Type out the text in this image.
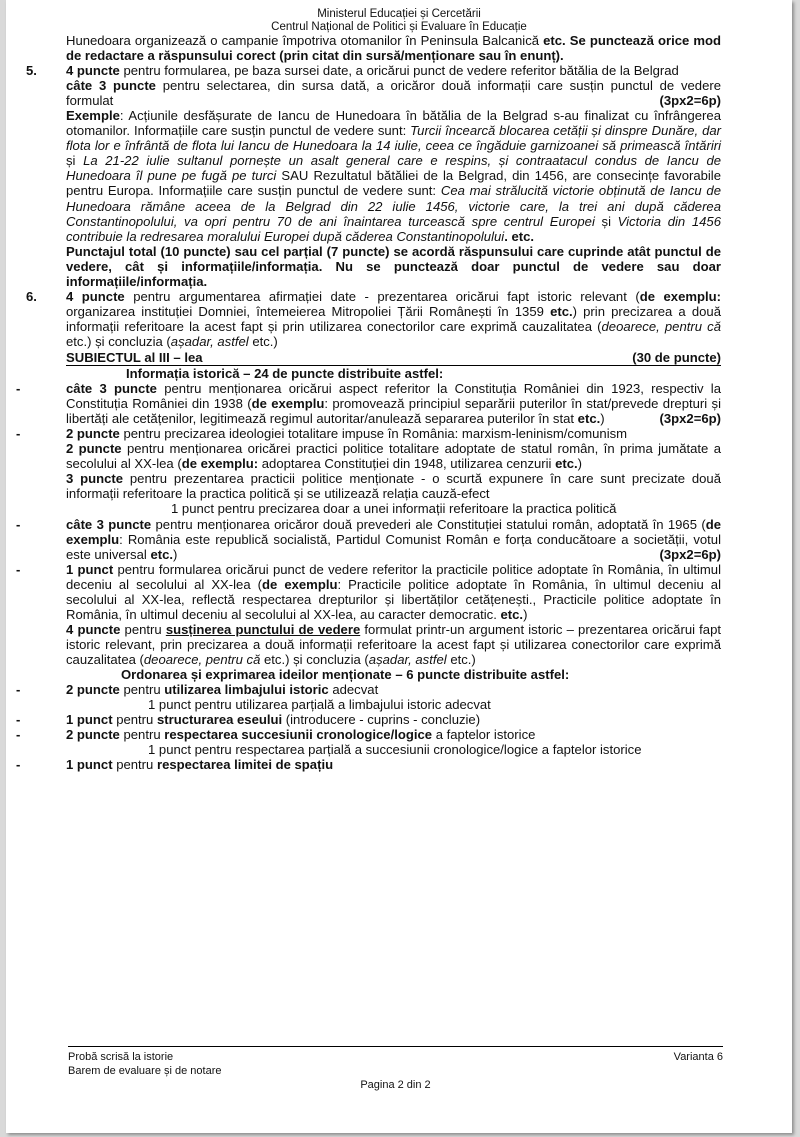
Ministerul Educației și Cercetării
Centrul Național de Politici și Evaluare în Educație

Hunedoara organizează o campanie împotriva otomanilor în Peninsula Balcanică etc. Se punctează orice mod de redactare a răspunsului corect (prin citat din sursă/menționare sau în enunț).

5. 4 puncte pentru formularea, pe baza sursei date, a oricărui punct de vedere referitor bătălia de la Belgrad

câte 3 puncte pentru selectarea, din sursa dată, a oricăror două informații care susțin punctul de vedere formulat	(3px2=6p)

Exemple: Acțiunile desfășurate de Iancu de Hunedoara în bătălia de la Belgrad s-au finalizat cu înfrângerea otomanilor. Informațiile care susțin punctul de vedere sunt: Turcii încearcă blocarea cetății și dinspre Dunăre, dar flota lor e înfrântă de flota lui Iancu de Hunedoara la 14 iulie, ceea ce îngăduie garnizoanei să primească întăriri și La 21-22 iulie sultanul pornește un asalt general care e respins, și contraatacul condus de Iancu de Hunedoara îl pune pe fugă pe turci SAU Rezultatul bătăliei de la Belgrad, din 1456, are consecințe favorabile pentru Europa. Informațiile care susțin punctul de vedere sunt: Cea mai strălucită victorie obținută de Iancu de Hunedoara rămâne aceea de la Belgrad din 22 iulie 1456, victorie care, la trei ani după căderea Constantinopolului, va opri pentru 70 de ani înaintarea turcească spre centrul Europei și Victoria din 1456 contribuie la redresarea moralului Europei după căderea Constantinopolului. etc.

Punctajul total (10 puncte) sau cel parțial (7 puncte) se acordă răspunsului care cuprinde atât punctul de vedere, cât și informațiile/informația. Nu se punctează doar punctul de vedere sau doar informațiile/informația.

6. 4 puncte pentru argumentarea afirmației date - prezentarea oricărui fapt istoric relevant (de exemplu: organizarea instituției Domniei, întemeierea Mitropoliei Țării Românești în 1359 etc.) prin precizarea a două informații referitoare la acest fapt și prin utilizarea conectorilor care exprimă cauzalitatea (deoarece, pentru că etc.) și concluzia (așadar, astfel etc.)

SUBIECTUL al III – lea	(30 de puncte)

Informația istorică – 24 de puncte distribuite astfel:

-	câte 3 puncte pentru menționarea oricărui aspect referitor la Constituția României din 1923, respectiv la Constituția României din 1938 (de exemplu: promovează principiul separării puterilor în stat/prevede drepturi și libertăți ale cetățenilor, legitimează regimul autoritar/anulează separarea puterilor în stat etc.)	(3px2=6p)

-	2 puncte pentru precizarea ideologiei totalitare impuse în România: marxism-leninism/comunism

2 puncte pentru menționarea oricărei practici politice totalitare adoptate de statul român, în prima jumătate a secolului al XX-lea (de exemplu: adoptarea Constituției din 1948, utilizarea cenzurii etc.)

3 puncte pentru prezentarea practicii politice menționate - o scurtă expunere în care sunt precizate două informații referitoare la practica politică și se utilizează relația cauză-efect

1 punct pentru precizarea doar a unei informații referitoare la practica politică

-	câte 3 puncte pentru menționarea oricăror două prevederi ale Constituției statului român, adoptată în 1965 (de exemplu: România este republică socialistă, Partidul Comunist Român e forța conducătoare a societății, votul este universal etc.)	(3px2=6p)

-	1 punct pentru formularea oricărui punct de vedere referitor la practicile politice adoptate în România, în ultimul deceniu al secolului al XX-lea (de exemplu: Practicile politice adoptate în România, în ultimul deceniu al secolului al XX-lea, reflectă respectarea drepturilor și libertăților cetățenești., Practicile politice adoptate în România, în ultimul deceniu al secolului al XX-lea, au caracter democratic. etc.)

4 puncte pentru susținerea punctului de vedere formulat printr-un argument istoric – prezentarea oricărui fapt istoric relevant, prin precizarea a două informații referitoare la acest fapt și utilizarea conectorilor care exprimă cauzalitatea (deoarece, pentru că etc.) și concluzia (așadar, astfel etc.)

Ordonarea și exprimarea ideilor menționate – 6 puncte distribuite astfel:

-	2 puncte pentru utilizarea limbajului istoric adecvat

1 punct pentru utilizarea parțială a limbajului istoric adecvat

-	1 punct pentru structurarea eseului (introducere - cuprins - concluzie)

-	2 puncte pentru respectarea succesiunii cronologice/logice a faptelor istorice

1 punct pentru respectarea parțială a succesiunii cronologice/logice a faptelor istorice

-	1 punct pentru respectarea limitei de spațiu

Probă scrisă la istorie
Barem de evaluare și de notare
Varianta 6
Pagina 2 din 2
